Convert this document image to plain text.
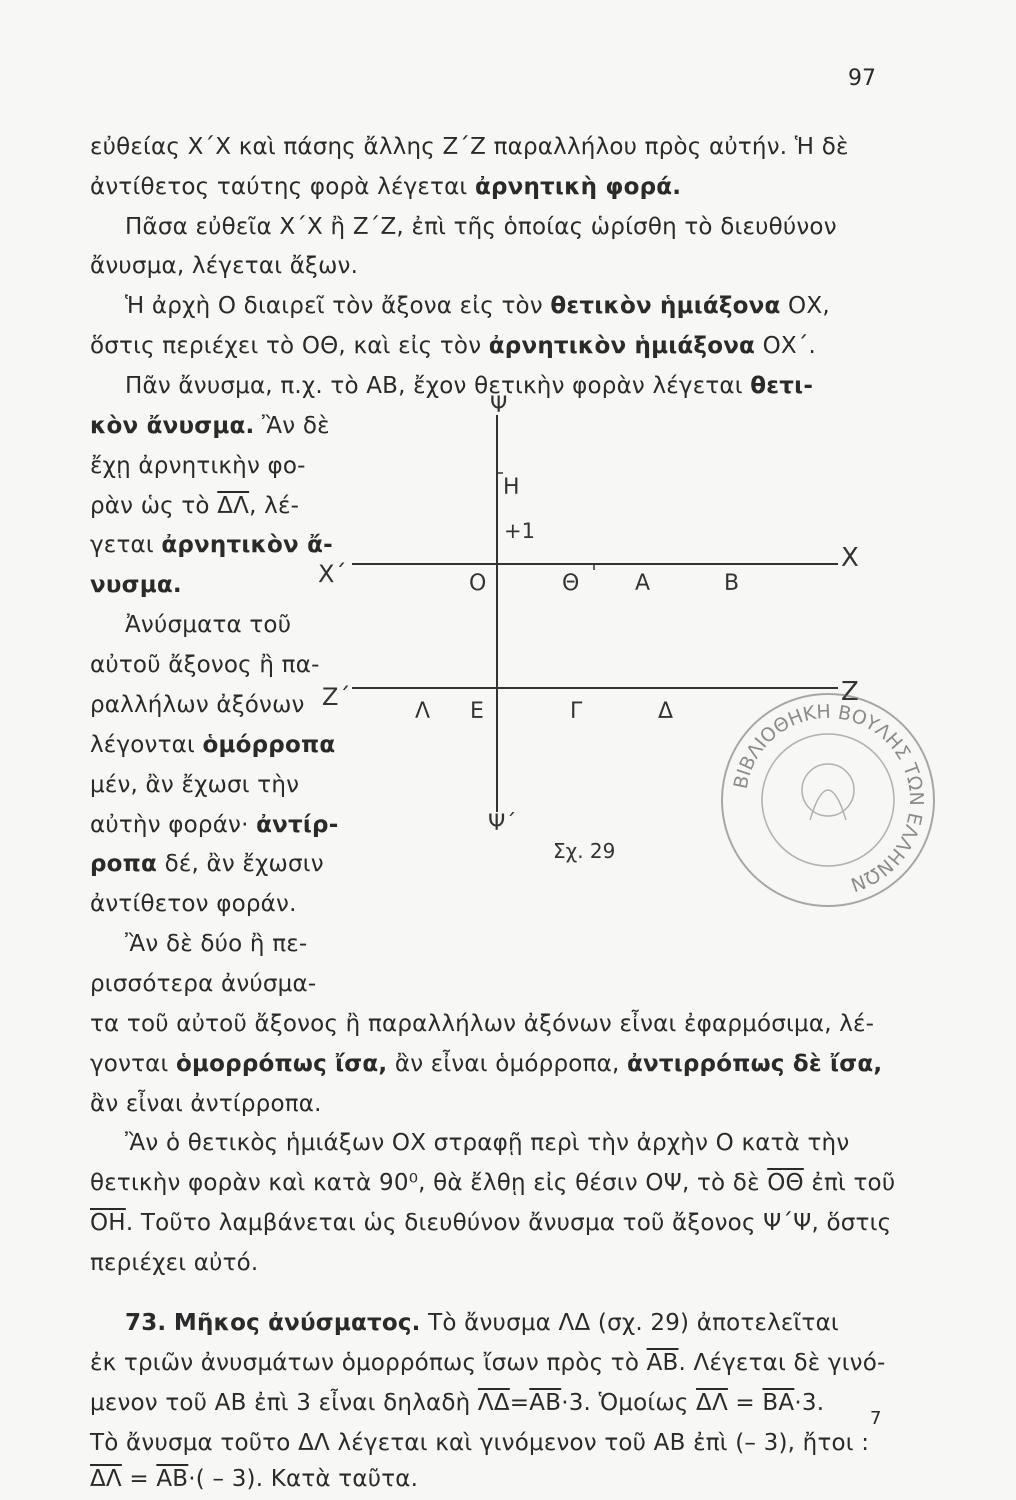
97
εὐθείας Χ΄Χ καὶ πάσης ἄλλης Ζ΄Ζ παραλλήλου πρὸς αὐτήν. Ἡ δὲ
ἀντίθετος ταύτης φορὰ λέγεται ἀρνητικὴ φορά.
Πᾶσα εὐθεῖα Χ΄Χ ἢ Ζ΄Ζ, ἐπὶ τῆς ὁποίας ὡρίσθη τὸ διευθύνον
ἄνυσμα, λέγεται ἄξων.
Ἡ ἀρχὴ Ο διαιρεῖ τὸν ἄξονα εἰς τὸν θετικὸν ἡμιάξονα ΟΧ,
ὅστις περιέχει τὸ ΟΘ, καὶ εἰς τὸν ἀρνητικὸν ἡμιάξονα ΟΧ΄.
Πᾶν ἄνυσμα, π.χ. τὸ ΑΒ, ἔχον θετικὴν φορὰν λέγεται θετι-
κὸν ἄνυσμα. Ἂν δὲ
ἔχῃ ἀρνητικὴν φο-
ρὰν ὡς τὸ $\overline{\Delta\Lambda}$, λέ-
γεται ἀρνητικὸν ἄ-
νυσμα.
Ἀνύσματα τοῦ
αὐτοῦ ἄξονος ἢ πα-
ραλλήλων ἀξόνων
λέγονται ὁμόρροπα
μέν, ἂν ἔχωσι τὴν
αὐτὴν φοράν· ἀντίρ-
ροπα δέ, ἂν ἔχωσιν
ἀντίθετον φοράν.
Ἂν δὲ δύο ἢ πε-
ρισσότερα ἀνύσμα-
τα τοῦ αὐτοῦ ἄξονος ἢ παραλλήλων ἀξόνων εἶναι ἐφαρμόσιμα, λέ-
γονται ὁμορρόπως ἴσα, ἂν εἶναι ὁμόρροπα, ἀντιρρόπως δὲ ἴσα,
ἂν εἶναι ἀντίρροπα.
Ἂν ὁ θετικὸς ἡμιάξων ΟΧ στραφῇ περὶ τὴν ἀρχὴν Ο κατὰ τὴν
θετικὴν φορὰν καὶ κατὰ 90⁰, θὰ ἔλθῃ εἰς θέσιν ΟΨ, τὸ δὲ $\overline{O\Theta}$ ἐπὶ τοῦ
$\overline{OH}$. Τοῦτο λαμβάνεται ὡς διευθύνον ἄνυσμα τοῦ ἄξονος Ψ΄Ψ, ὅστις
περιέχει αὐτό.
73. Μῆκος ἀνύσματος. Τὸ ἄνυσμα ΛΔ (σχ. 29) ἀποτελεῖται
ἐκ τριῶν ἀνυσμάτων ὁμορρόπως ἴσων πρὸς τὸ $\overline{AB}$. Λέγεται δὲ γινό-
μενον τοῦ ΑΒ ἐπὶ 3 εἶναι δηλαδὴ $\overline{\Lambda\Delta}=\overline{AB}\cdot 3$. Ὁμοίως $\overline{\Delta\Lambda} = \overline{BA}\cdot 3$.
Τὸ ἄνυσμα τοῦτο ΔΛ λέγεται καὶ γινόμενον τοῦ ΑΒ ἐπὶ (– 3), ἤτοι :
$\overline{\Delta\Lambda} = \overline{AB}\cdot( - 3)$. Κατὰ ταῦτα.
7
Ψ
Ψ΄
Η
+1
Χ΄
Χ
Ο	Θ	Α	Β
Ζ΄	Ζ
Λ Ε	Γ	Δ
Σχ. 29
ΒΙΒΛΙΟΘΗΚΗ ΒΟΥΛΗΣ ΤΩΝ ΕΛΛΗΝΩΝ
